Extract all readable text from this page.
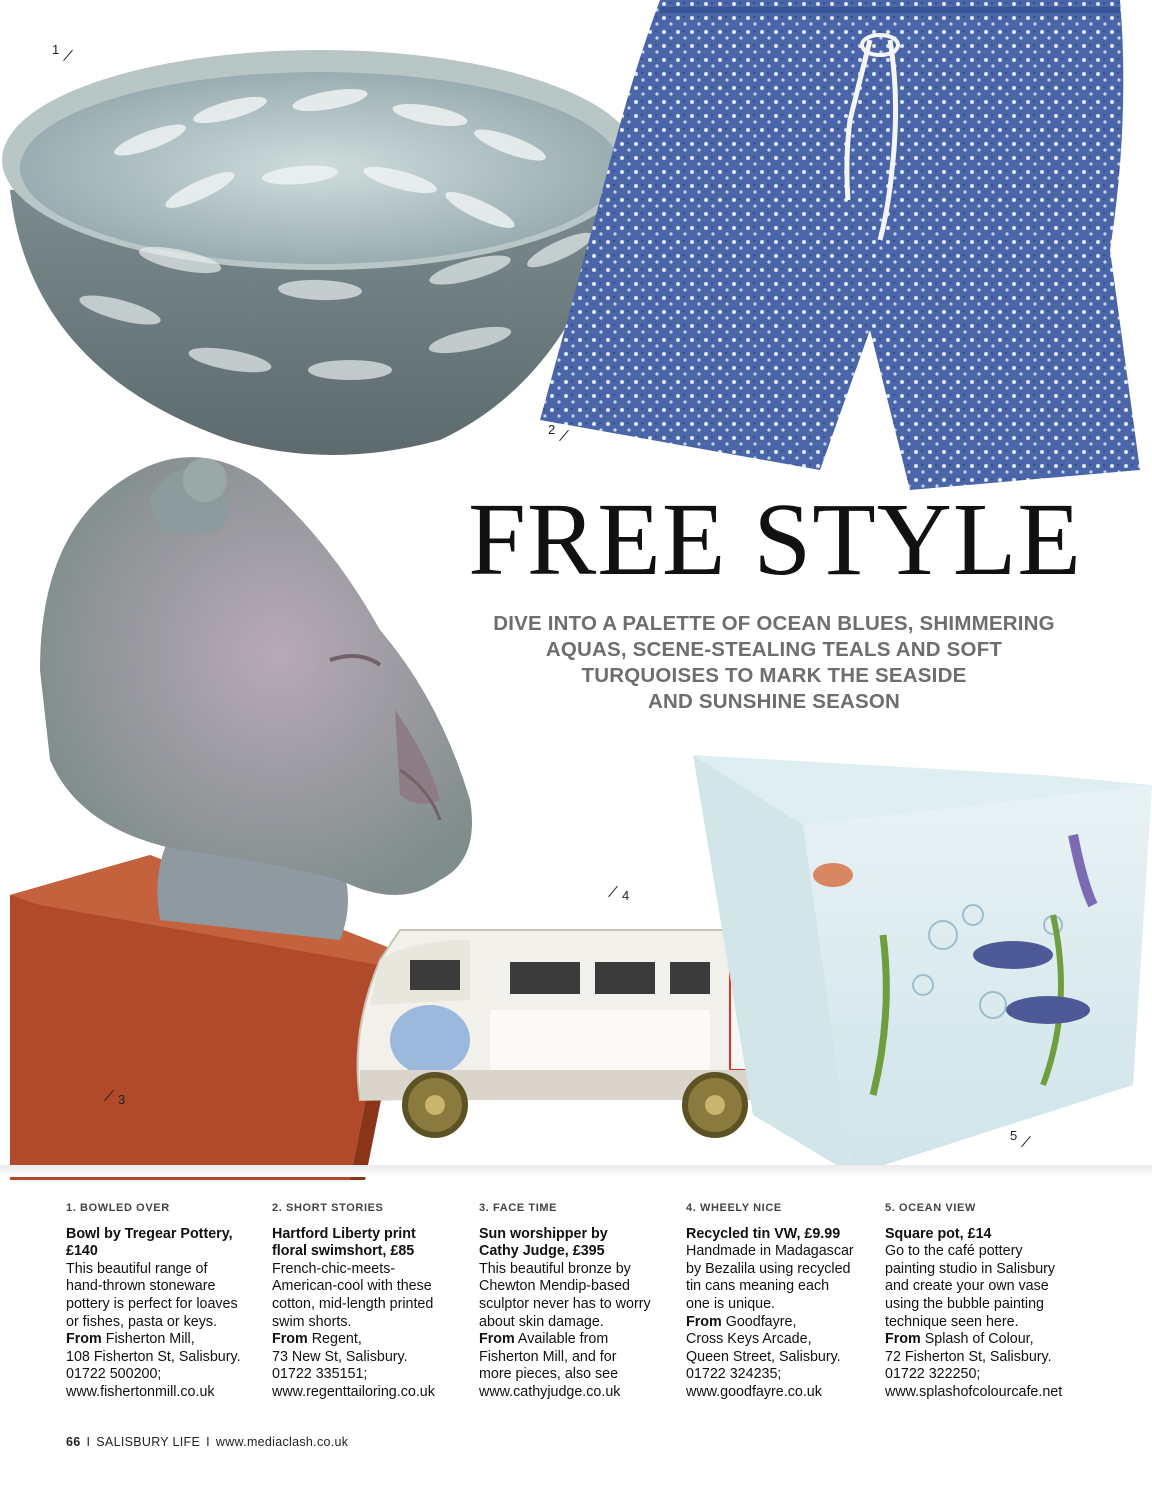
1
2
3
4
5
FREE STYLE
DIVE INTO A PALETTE OF OCEAN BLUES, SHIMMERING
AQUAS, SCENE-STEALING TEALS AND SOFT
TURQUOISES TO MARK THE SEASIDE
AND SUNSHINE SEASON
1. BOWLED OVER
Bowl by Tregear Pottery,
£140
This beautiful range of
hand-thrown stoneware
pottery is perfect for loaves
or fishes, pasta or keys.
From Fisherton Mill,
108 Fisherton St, Salisbury.
01722 500200;
www.fishertonmill.co.uk
2. SHORT STORIES
Hartford Liberty print
floral swimshort, £85
French-chic-meets-
American-cool with these
cotton, mid-length printed
swim shorts.
From Regent,
73 New St, Salisbury.
01722 335151;
www.regenttailoring.co.uk
3. FACE TIME
Sun worshipper by
Cathy Judge, £395
This beautiful bronze by
Chewton Mendip-based
sculptor never has to worry
about skin damage.
From Available from
Fisherton Mill, and for
more pieces, also see
www.cathyjudge.co.uk
4. WHEELY NICE
Recycled tin VW, £9.99
Handmade in Madagascar
by Bezalila using recycled
tin cans meaning each
one is unique.
From Goodfayre,
Cross Keys Arcade,
Queen Street, Salisbury.
01722 324235;
www.goodfayre.co.uk
5. OCEAN VIEW
Square pot, £14
Go to the café pottery
painting studio in Salisbury
and create your own vase
using the bubble painting
technique seen here.
From Splash of Colour,
72 Fisherton St, Salisbury.
01722 322250;
www.splashofcolourcafe.net
66 I SALISBURY LIFE I www.mediaclash.co.uk
